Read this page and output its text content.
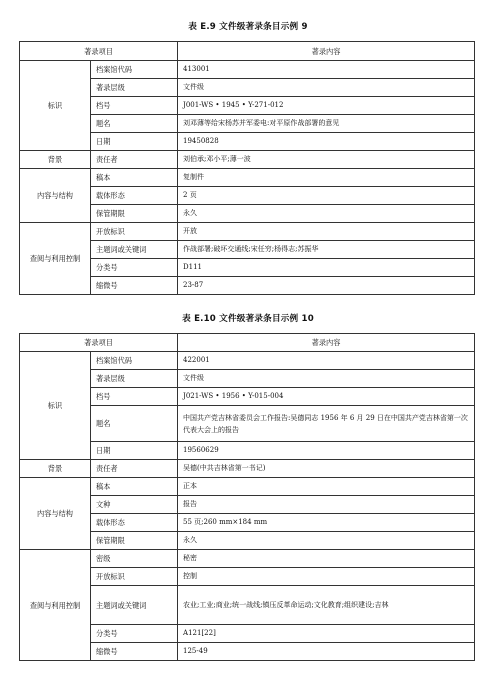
表 E.9 文件级著录条目示例 9
著录项目		著录内容
标识	档案馆代码	413001
	著录层级	文件级
	档号	J001-WS • 1945 • Y-271-012
	题名	刘邓薄等给宋杨苏并军委电:对平原作战部署的意见
	日期	19450828
背景	责任者	刘伯承;邓小平;薄一波
内容与结构	稿本	复制件
	载体形态	2 页
	保管期限	永久
查阅与利用控制	开放标识	开放
	主题词或关键词	作战部署;破坏交通线;宋任穷;杨得志;苏振华
	分类号	D111
	缩微号	23-87
表 E.10 文件级著录条目示例 10
著录项目		著录内容
标识	档案馆代码	422001
	著录层级	文件级
	档号	J021-WS • 1956 • Y-015-004
	题名	中国共产党吉林省委员会工作报告:吴德同志 1956 年 6 月 29 日在中国共产党吉林省第一次代表大会上的报告
	日期	19560629
背景	责任者	吴德(中共吉林省第一书记)
内容与结构	稿本	正本
	文种	报告
	载体形态	55 页;260 mm×184 mm
	保管期限	永久
查阅与利用控制	密级	秘密
	开放标识	控制
	主题词或关键词	农业;工业;商业;统一战线;镇压反革命运动;文化教育;组织建设;吉林
	分类号	A121[22]
	缩微号	125-49
